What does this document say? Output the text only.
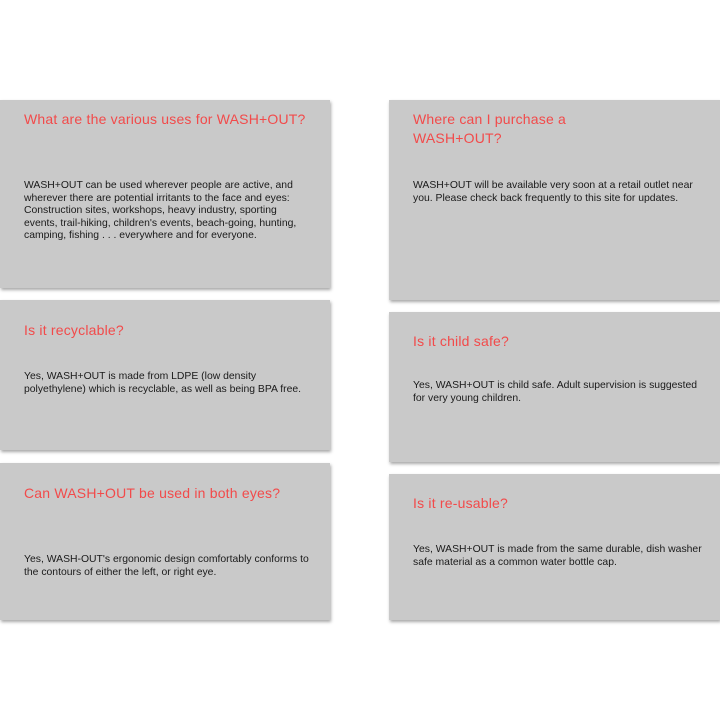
What are the various uses for WASH+OUT?

WASH+OUT can be used wherever people are active, and wherever there are potential irritants to the face and eyes: Construction sites, workshops, heavy industry, sporting events, trail-hiking, children's events, beach-going, hunting, camping, fishing . . . everywhere and for everyone.

Is it recyclable?

Yes, WASH+OUT is made from LDPE (low density polyethylene) which is recyclable, as well as being BPA free.

Can WASH+OUT be used in both eyes?

Yes, WASH-OUT's ergonomic design comfortably conforms to the contours of either the left, or right eye.

Where can I purchase a WASH+OUT?

WASH+OUT will be available very soon at a retail outlet near you. Please check back frequently to this site for updates.

Is it child safe?

Yes, WASH+OUT is child safe. Adult supervision is suggested for very young children.

Is it re-usable?

Yes, WASH+OUT is made from the same durable, dish washer safe material as a common water bottle cap.
